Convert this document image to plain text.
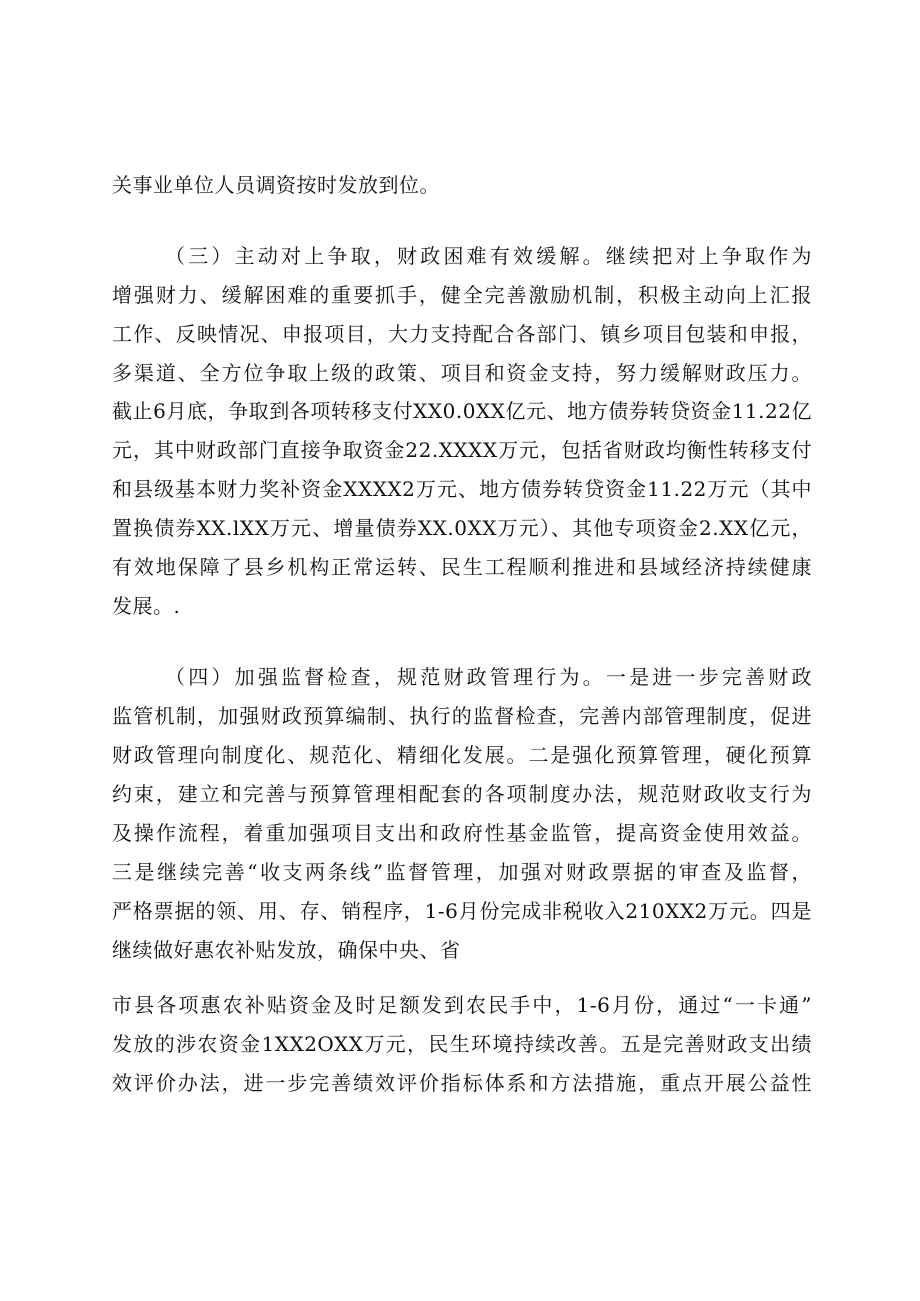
关事业单位人员调资按时发放到位。
（三）主动对上争取，财政困难有效缓解。继续把对上争取作为
增强财力、缓解困难的重要抓手，健全完善激励机制，积极主动向上汇报
工作、反映情况、申报项目，大力支持配合各部门、镇乡项目包装和申报，
多渠道、全方位争取上级的政策、项目和资金支持，努力缓解财政压力。
截止6月底，争取到各项转移支付XX0.0XX亿元、地方债券转贷资金11.22亿
元，其中财政部门直接争取资金22.XXXX万元，包括省财政均衡性转移支付
和县级基本财力奖补资金XXXX2万元、地方债券转贷资金11.22万元（其中
置换债券XX.lXX万元、增量债券XX.0XX万元）、其他专项资金2.XX亿元，
有效地保障了县乡机构正常运转、民生工程顺利推进和县域经济持续健康
发展。.
（四）加强监督检查，规范财政管理行为。一是进一步完善财政
监管机制，加强财政预算编制、执行的监督检查，完善内部管理制度，促进
财政管理向制度化、规范化、精细化发展。二是强化预算管理，硬化预算
约束，建立和完善与预算管理相配套的各项制度办法，规范财政收支行为
及操作流程，着重加强项目支出和政府性基金监管，提高资金使用效益。
三是继续完善“收支两条线”监督管理，加强对财政票据的审查及监督，
严格票据的领、用、存、销程序，1-6月份完成非税收入210XX2万元。四是
继续做好惠农补贴发放，确保中央、省
市县各项惠农补贴资金及时足额发到农民手中，1-6月份，通过“一卡通”
发放的涉农资金1XX2OXX万元，民生环境持续改善。五是完善财政支出绩
效评价办法，进一步完善绩效评价指标体系和方法措施，重点开展公益性
